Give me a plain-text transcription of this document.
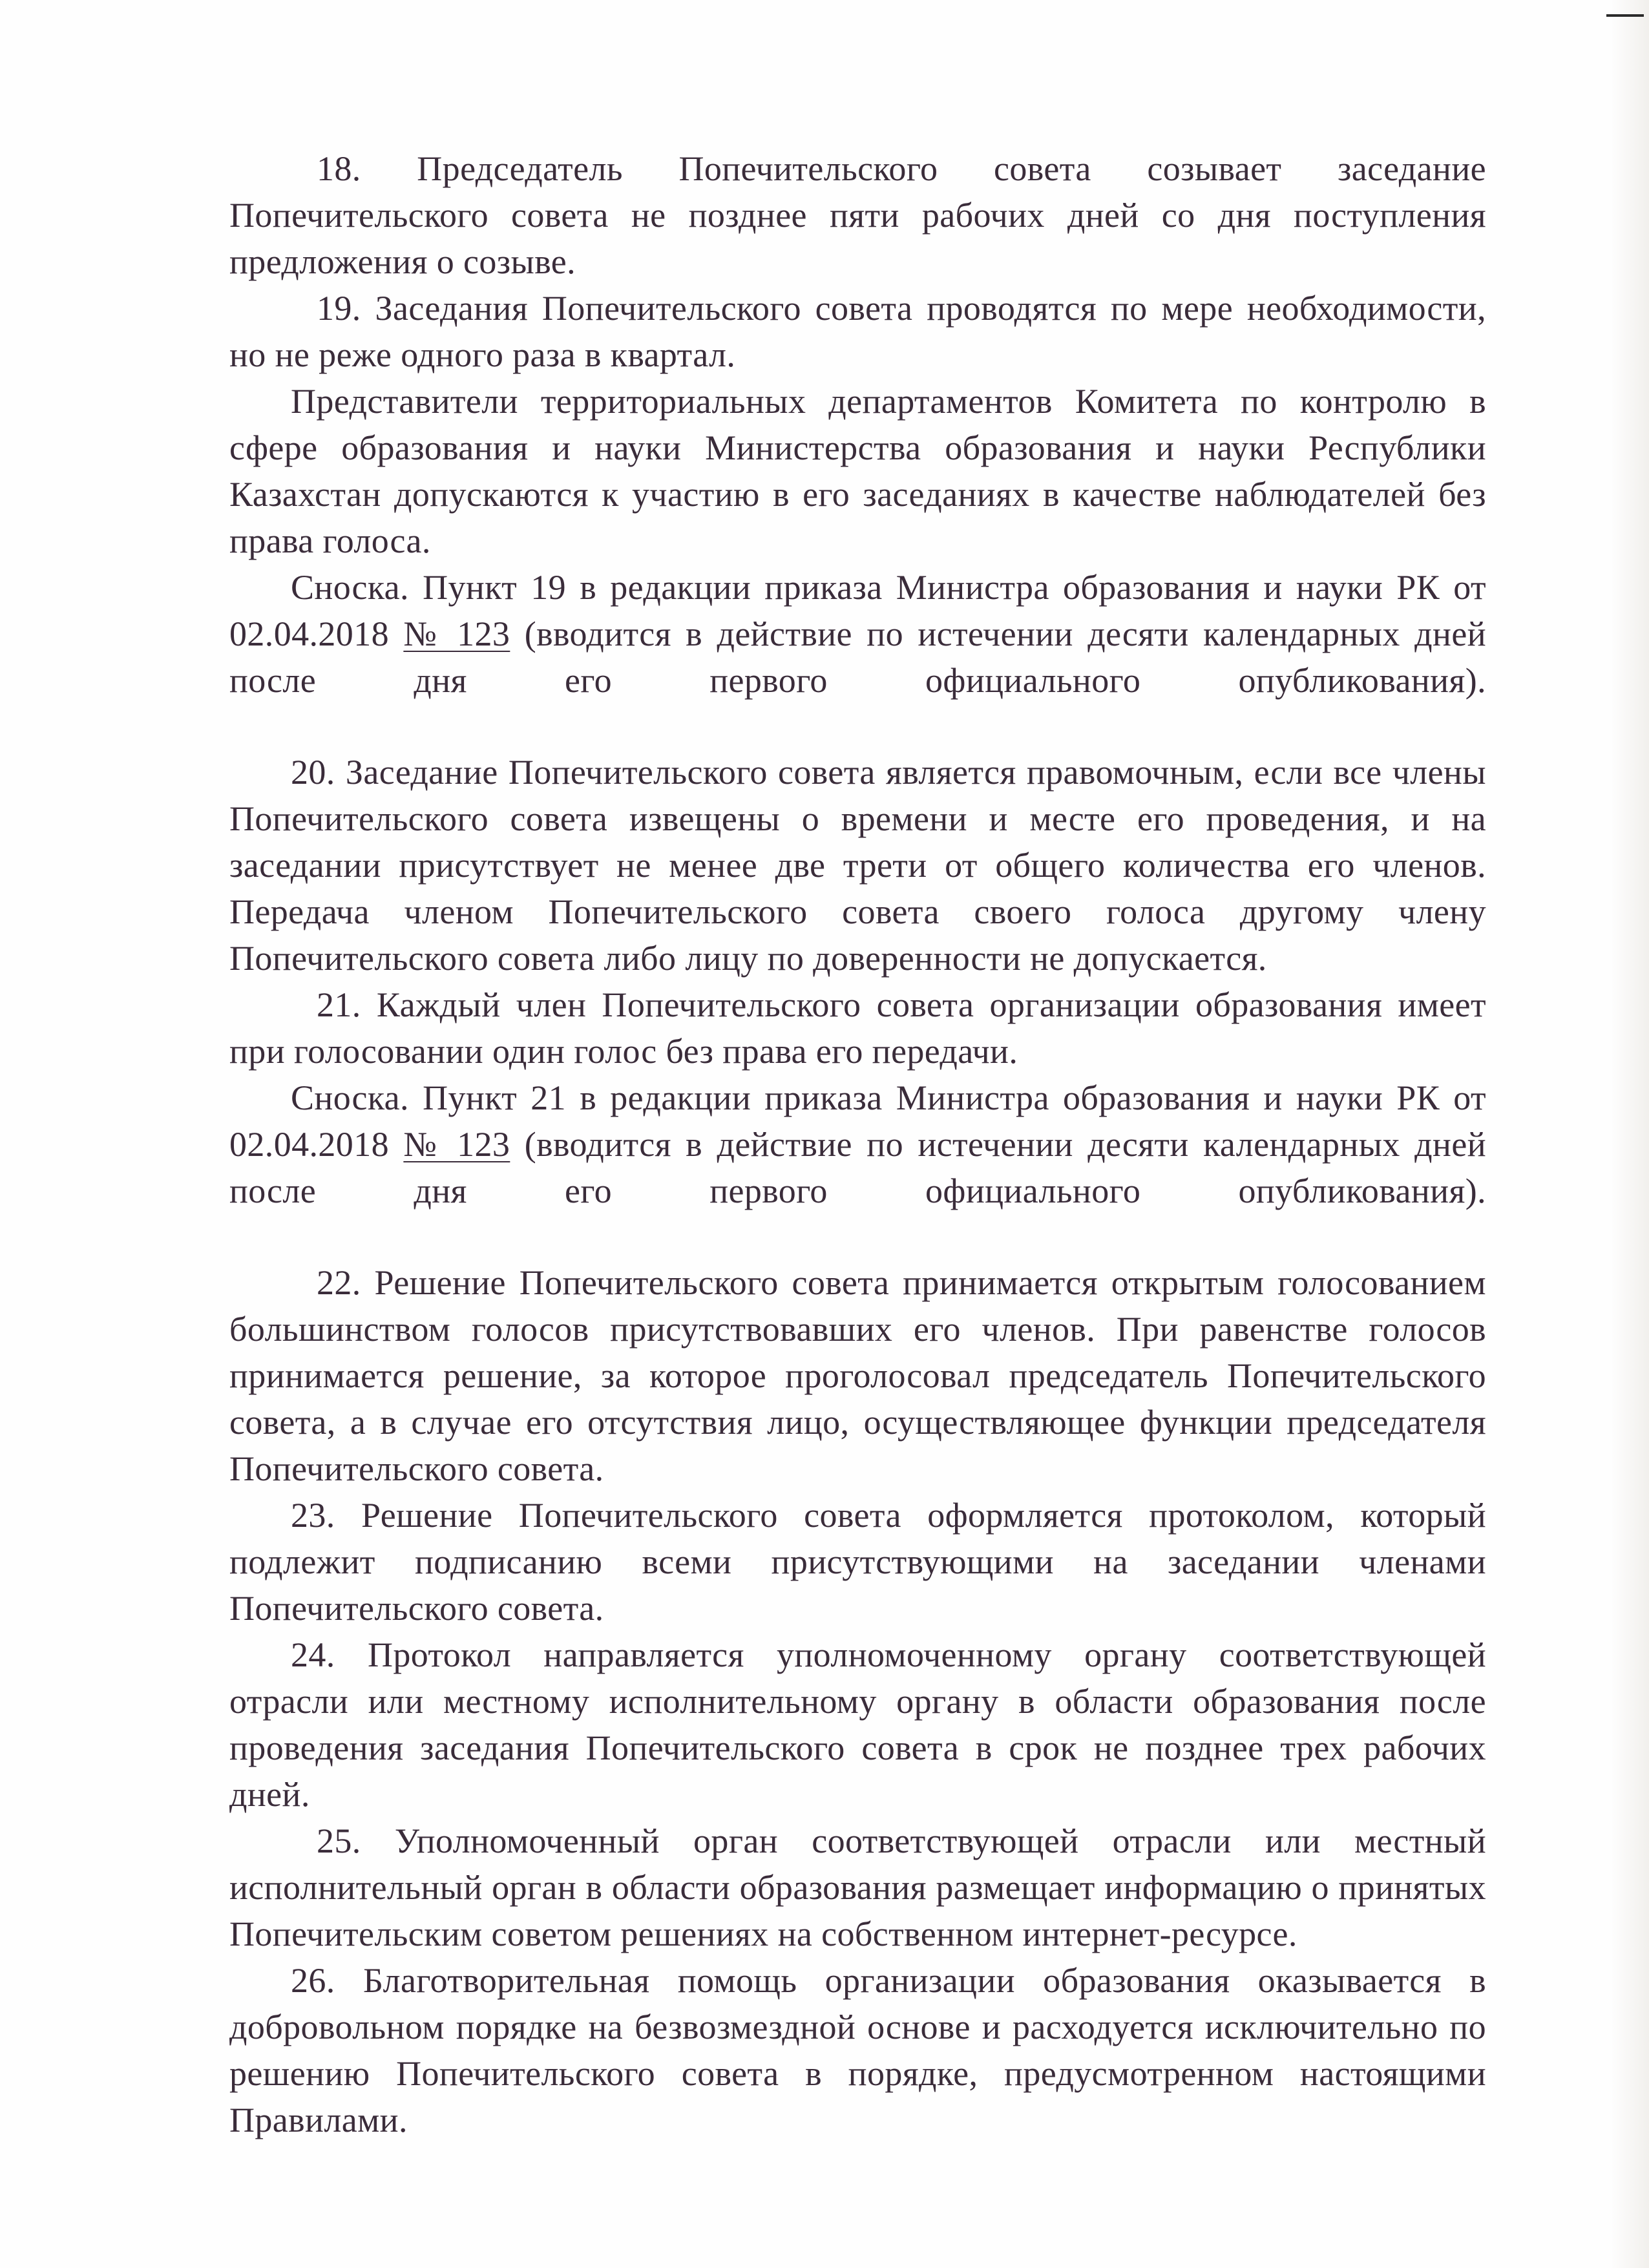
18. Председатель Попечительского совета созывает заседание Попечительского совета не позднее пяти рабочих дней со дня поступления предложения о созыве.

19. Заседания Попечительского совета проводятся по мере необходимости, но не реже одного раза в квартал.

Представители территориальных департаментов Комитета по контролю в сфере образования и науки Министерства образования и науки Республики Казахстан допускаются к участию в его заседаниях в качестве наблюдателей без права голоса.

Сноска. Пункт 19 в редакции приказа Министра образования и науки РК от 02.04.2018 № 123 (вводится в действие по истечении десяти календарных дней после дня его первого официального опубликования).

20. Заседание Попечительского совета является правомочным, если все члены Попечительского совета извещены о времени и месте его проведения, и на заседании присутствует не менее две трети от общего количества его членов. Передача членом Попечительского совета своего голоса другому члену Попечительского совета либо лицу по доверенности не допускается.

21. Каждый член Попечительского совета организации образования имеет при голосовании один голос без права его передачи.

Сноска. Пункт 21 в редакции приказа Министра образования и науки РК от 02.04.2018 № 123 (вводится в действие по истечении десяти календарных дней после дня его первого официального опубликования).

22. Решение Попечительского совета принимается открытым голосованием большинством голосов присутствовавших его членов. При равенстве голосов принимается решение, за которое проголосовал председатель Попечительского совета, а в случае его отсутствия лицо, осуществляющее функции председателя Попечительского совета.

23. Решение Попечительского совета оформляется протоколом, который подлежит подписанию всеми присутствующими на заседании членами Попечительского совета.

24. Протокол направляется уполномоченному органу соответствующей отрасли или местному исполнительному органу в области образования после проведения заседания Попечительского совета в срок не позднее трех рабочих дней.

25. Уполномоченный орган соответствующей отрасли или местный исполнительный орган в области образования размещает информацию о принятых Попечительским советом решениях на собственном интернет-ресурсе.

26. Благотворительная помощь организации образования оказывается в добровольном порядке на безвозмездной основе и расходуется исключительно по решению Попечительского совета в порядке, предусмотренном настоящими Правилами.
